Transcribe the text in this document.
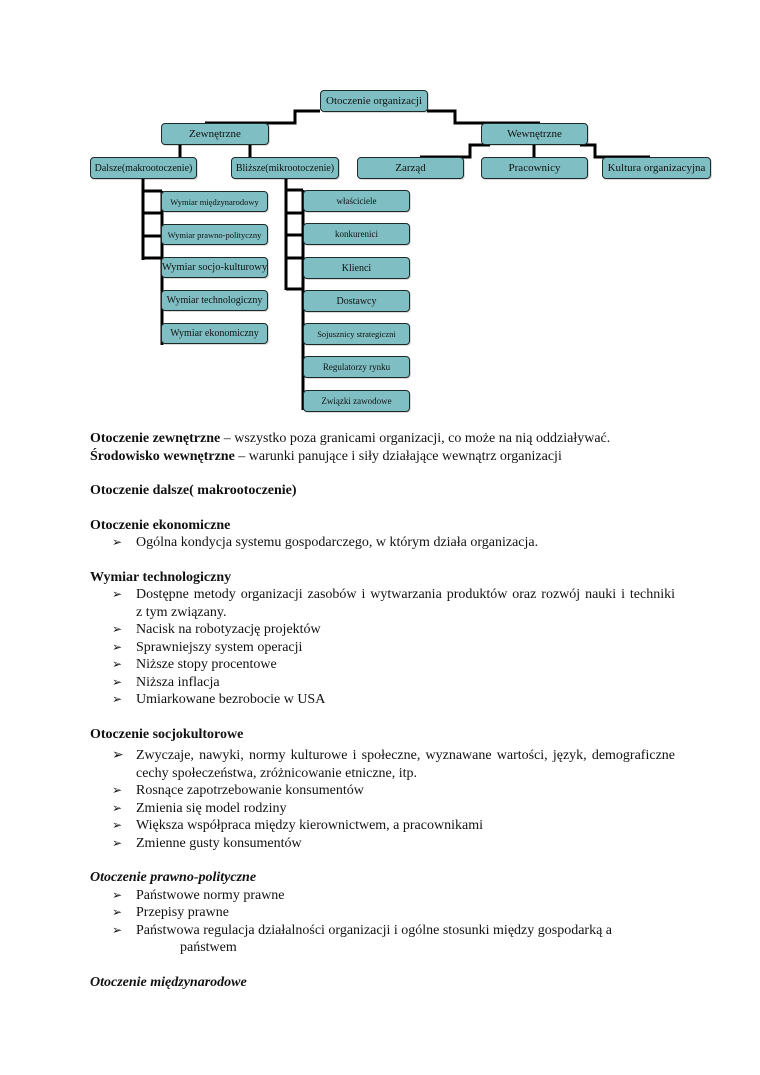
Otoczenie organizacji
Zewnętrzne	Wewnętrzne
Dalsze(makrootoczenie)	Bliższe(mikrootoczenie)	Zarząd	Pracownicy	Kultura organizacyjna
Wymiar międzynarodowy
Wymiar prawno-polityczny
Wymiar socjo-kulturowy
Wymiar technologiczny
Wymiar ekonomiczny
właściciele
konkurenici
Klienci
Dostawcy
Sojusznicy strategiczni
Regulatorzy rynku
Związki zawodowe

Otoczenie zewnętrzne – wszystko poza granicami organizacji, co może na nią oddziaływać.

Środowisko wewnętrzne – warunki panujące i siły działające wewnątrz organizacji

Otoczenie dalsze( makrootoczenie)

Otoczenie ekonomiczne

➢ Ogólna kondycja systemu gospodarczego, w którym działa organizacja.

Wymiar technologiczny

➢ Dostępne metody organizacji zasobów i wytwarzania produktów oraz rozwój nauki i techniki
z tym związany.
➢ Nacisk na robotyzację projektów
➢ Sprawniejszy system operacji
➢ Niższe stopy procentowe
➢ Niższa inflacja
➢ Umiarkowane bezrobocie w USA

Otoczenie socjokultorowe

➢ Zwyczaje, nawyki, normy kulturowe i społeczne, wyznawane wartości, język, demograficzne
cechy społeczeństwa, zróżnicowanie etniczne, itp.
➢ Rosnące zapotrzebowanie konsumentów
➢ Zmienia się model rodziny
➢ Większa współpraca między kierownictwem, a pracownikami
➢ Zmienne gusty konsumentów

Otoczenie prawno-polityczne

➢ Państwowe normy prawne
➢ Przepisy prawne
➢ Państwowa regulacja działalności organizacji i ogólne stosunki między gospodarką a
państwem

Otoczenie międzynarodowe
